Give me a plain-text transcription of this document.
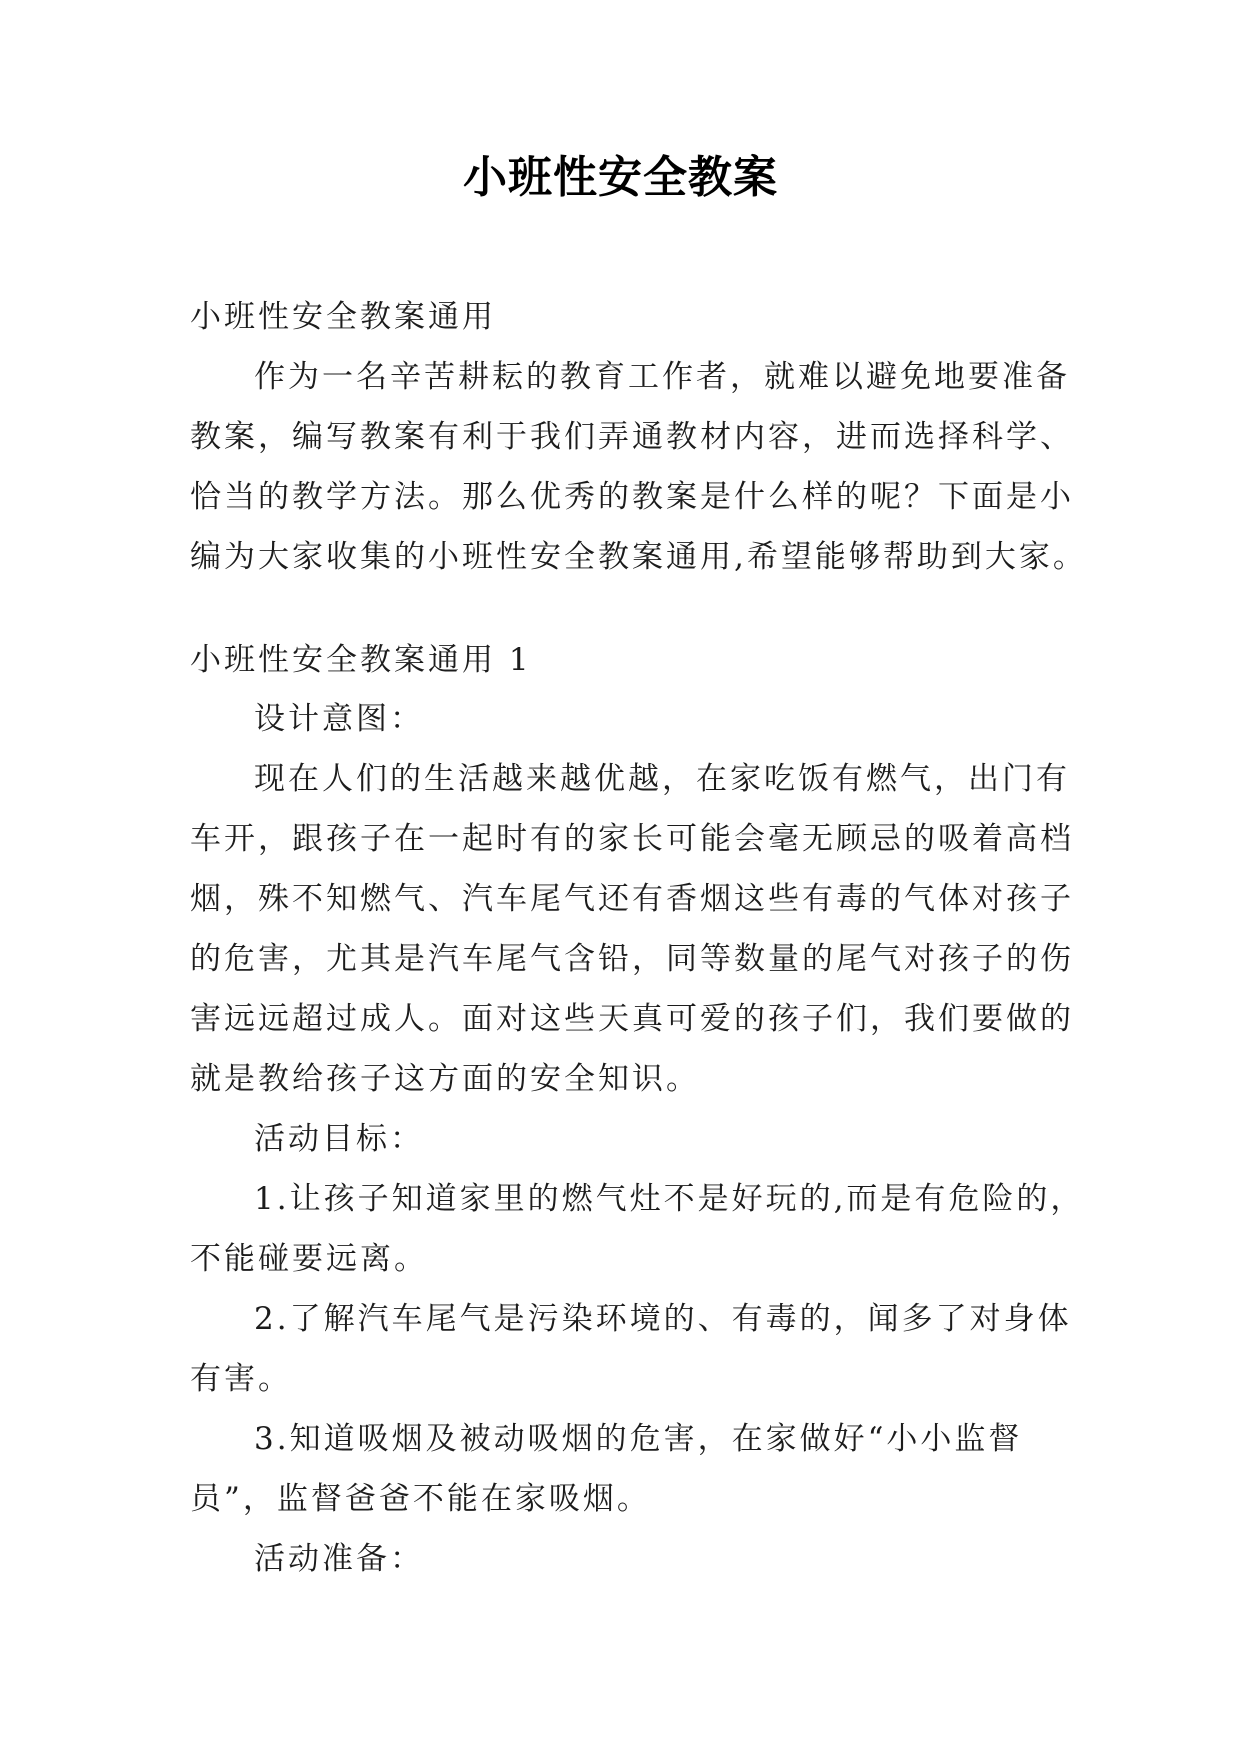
小班性安全教案
小班性安全教案通用
作为一名辛苦耕耘的教育工作者，就难以避免地要准备
教案，编写教案有利于我们弄通教材内容，进而选择科学、
恰当的教学方法。那么优秀的教案是什么样的呢？下面是小
编为大家收集的小班性安全教案通用,希望能够帮助到大家。
小班性安全教案通用 1
设计意图：
现在人们的生活越来越优越，在家吃饭有燃气，出门有
车开，跟孩子在一起时有的家长可能会毫无顾忌的吸着高档
烟，殊不知燃气、汽车尾气还有香烟这些有毒的气体对孩子
的危害，尤其是汽车尾气含铅，同等数量的尾气对孩子的伤
害远远超过成人。面对这些天真可爱的孩子们，我们要做的
就是教给孩子这方面的安全知识。
活动目标：
1.让孩子知道家里的燃气灶不是好玩的,而是有危险的，
不能碰要远离。
2.了解汽车尾气是污染环境的、有毒的，闻多了对身体
有害。
3.知道吸烟及被动吸烟的危害，在家做好“小小监督
员”，监督爸爸不能在家吸烟。
活动准备：
